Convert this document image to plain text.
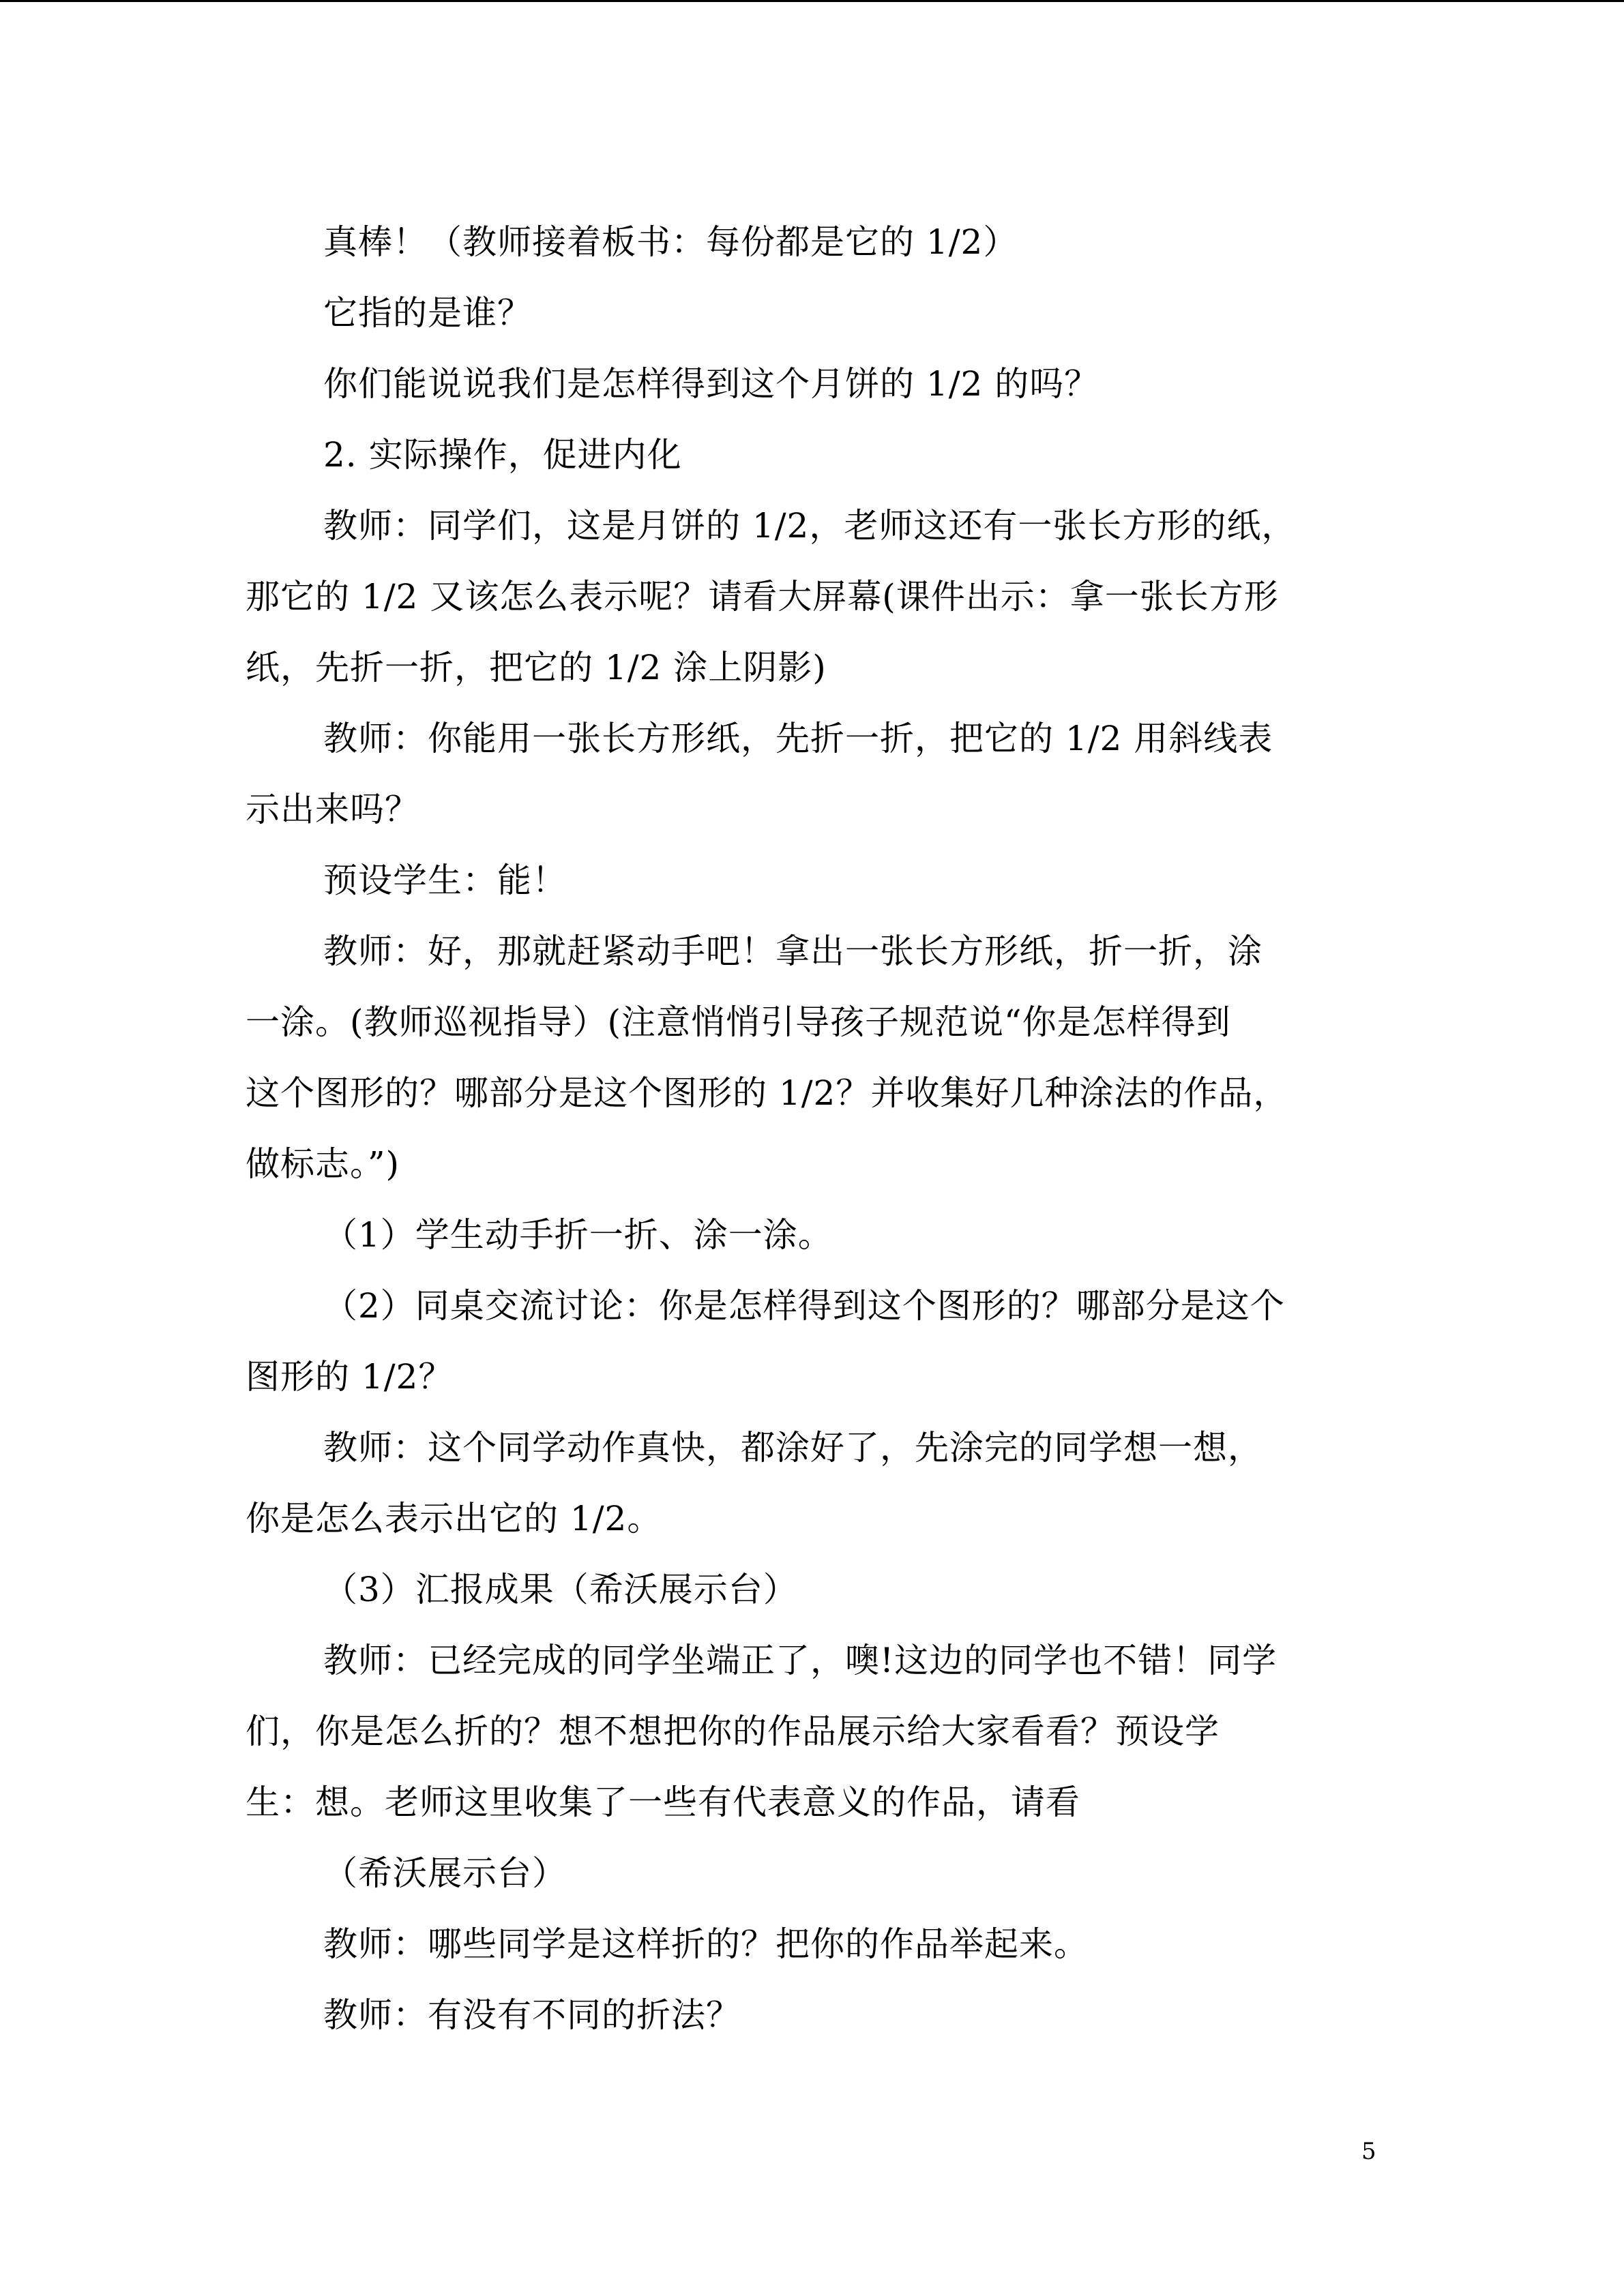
真棒！（教师接着板书：每份都是它的 1/2）
它指的是谁？
你们能说说我们是怎样得到这个月饼的 1/2 的吗？
2. 实际操作，促进内化
教师：同学们，这是月饼的 1/2，老师这还有一张长方形的纸，
那它的 1/2 又该怎么表示呢？请看大屏幕(课件出示：拿一张长方形
纸，先折一折，把它的 1/2 涂上阴影)
教师：你能用一张长方形纸，先折一折，把它的 1/2 用斜线表
示出来吗？
预设学生：能！
教师：好，那就赶紧动手吧！拿出一张长方形纸，折一折，涂
一涂。(教师巡视指导）(注意悄悄引导孩子规范说“你是怎样得到
这个图形的？哪部分是这个图形的 1/2？并收集好几种涂法的作品，
做标志。”)
（1）学生动手折一折、涂一涂。
（2）同桌交流讨论：你是怎样得到这个图形的？哪部分是这个
图形的 1/2？
教师：这个同学动作真快，都涂好了，先涂完的同学想一想，
你是怎么表示出它的 1/2。
（3）汇报成果（希沃展示台）
教师：已经完成的同学坐端正了，噢!这边的同学也不错！同学
们，你是怎么折的？想不想把你的作品展示给大家看看？预设学
生：想。老师这里收集了一些有代表意义的作品，请看
（希沃展示台）
教师：哪些同学是这样折的？把你的作品举起来。
教师：有没有不同的折法？
5
